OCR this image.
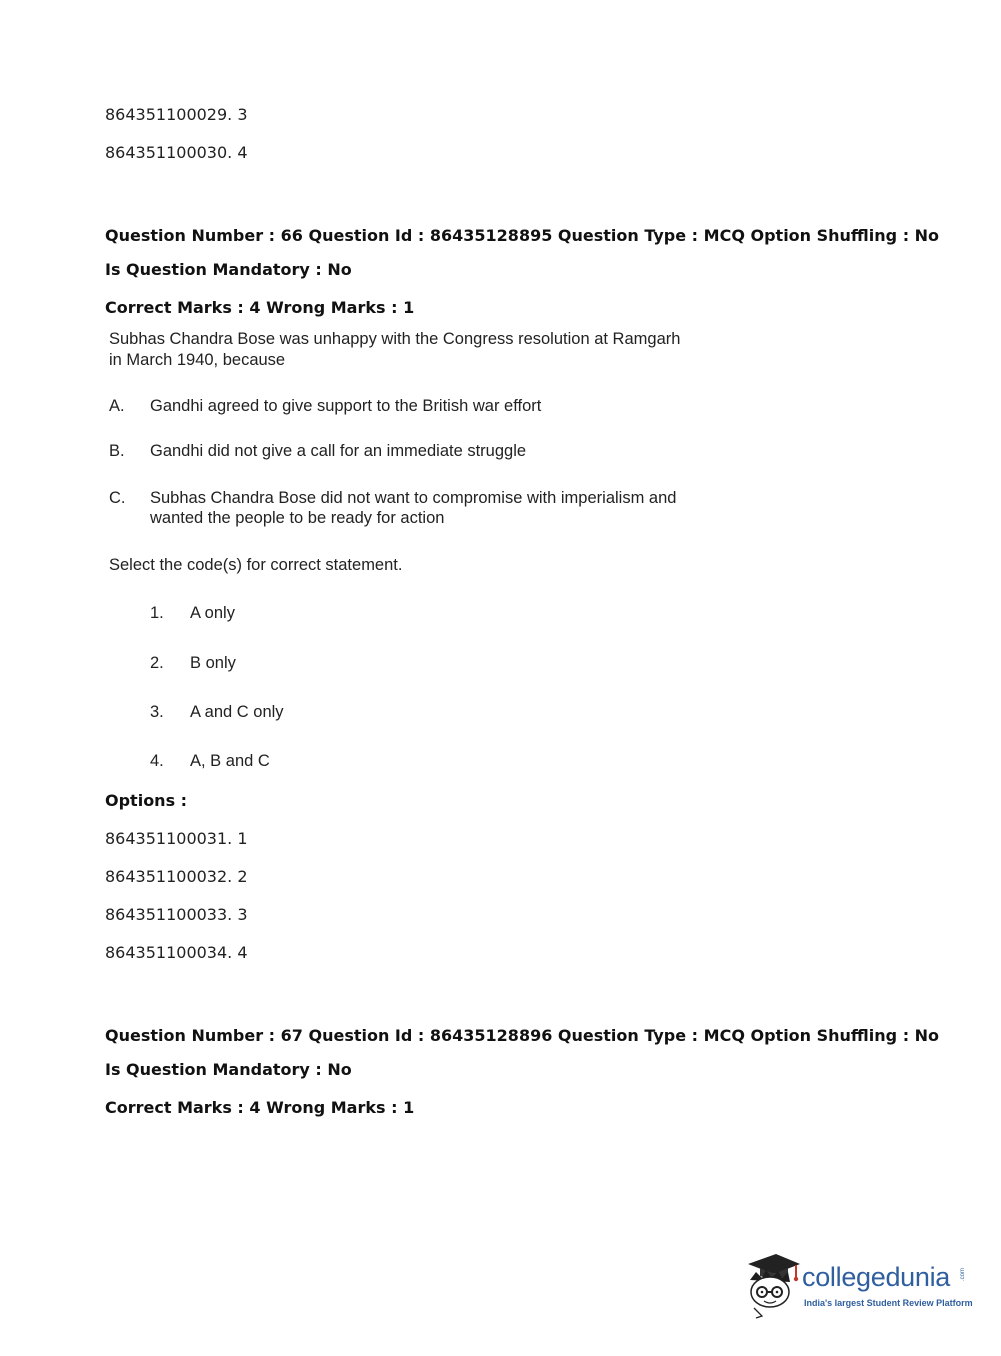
864351100029. 3
864351100030. 4
Question Number : 66 Question Id : 86435128895 Question Type : MCQ Option Shuffling : No
Is Question Mandatory : No
Correct Marks : 4 Wrong Marks : 1
Subhas Chandra Bose was unhappy with the Congress resolution at Ramgarh
in March 1940, because
A. Gandhi agreed to give support to the British war effort
B. Gandhi did not give a call for an immediate struggle
C. Subhas Chandra Bose did not want to compromise with imperialism and
wanted the people to be ready for action
Select the code(s) for correct statement.
1. A only
2. B only
3. A and C only
4. A, B and C
Options :
864351100031. 1
864351100032. 2
864351100033. 3
864351100034. 4
Question Number : 67 Question Id : 86435128896 Question Type : MCQ Option Shuffling : No
Is Question Mandatory : No
Correct Marks : 4 Wrong Marks : 1
collegedunia .com
India's largest Student Review Platform
